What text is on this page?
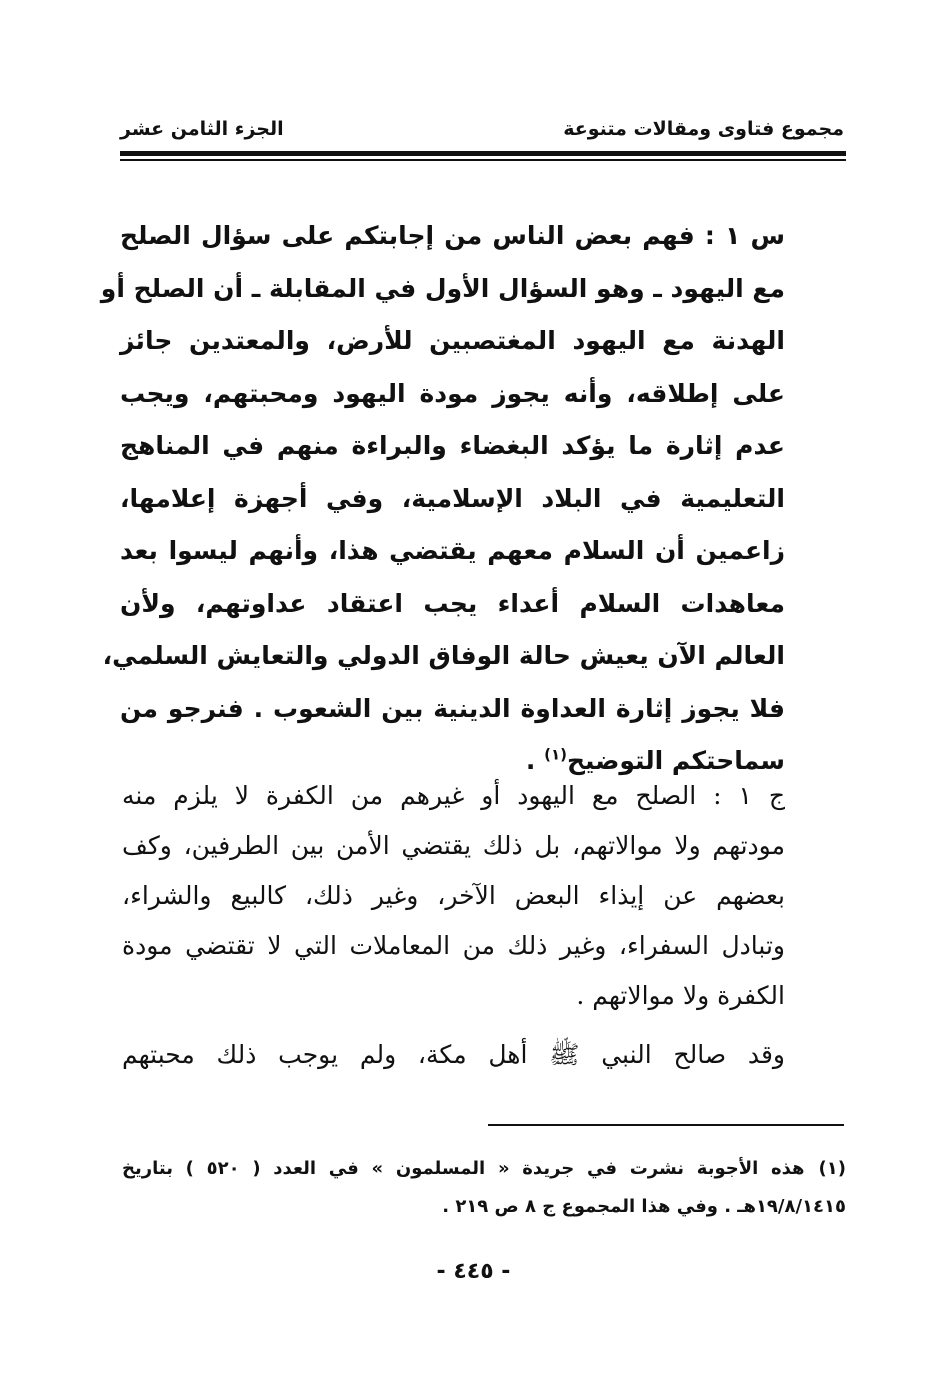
مجموع فتاوى ومقالات متنوعة
الجزء الثامن عشر

س ١ : فهم بعض الناس من إجابتكم على سؤال الصلح
مع اليهود ـ وهو السؤال الأول في المقابلة ـ أن الصلح أو
الهدنة مع اليهود المغتصبين للأرض، والمعتدين جائز
على إطلاقه، وأنه يجوز مودة اليهود ومحبتهم، ويجب
عدم إثارة ما يؤكد البغضاء والبراءة منهم في المناهج
التعليمية في البلاد الإسلامية، وفي أجهزة إعلامها،
زاعمين أن السلام معهم يقتضي هذا، وأنهم ليسوا بعد
معاهدات السلام أعداء يجب اعتقاد عداوتهم، ولأن
العالم الآن يعيش حالة الوفاق الدولي والتعايش السلمي،
فلا يجوز إثارة العداوة الدينية بين الشعوب . فنرجو من
سماحتكم التوضيح$^{(١)}$ .

ج ١ : الصلح مع اليهود أو غيرهم من الكفرة لا يلزم منه
مودتهم ولا موالاتهم، بل ذلك يقتضي الأمن بين الطرفين، وكف
بعضهم عن إيذاء البعض الآخر، وغير ذلك، كالبيع والشراء،
وتبادل السفراء، وغير ذلك من المعاملات التي لا تقتضي مودة
الكفرة ولا موالاتهم .

وقد صالح النبي ﷺ أهل مكة، ولم يوجب ذلك محبتهم

(١)هذه الأجوبة نشرت في جريدة « المسلمون » في العدد ( ٥٢٠ ) بتاريخ
١٩/٨/١٤١٥هـ . وفي هذا المجموع ج ٨ ص ٢١٩ .

- ٤٤٥ -
